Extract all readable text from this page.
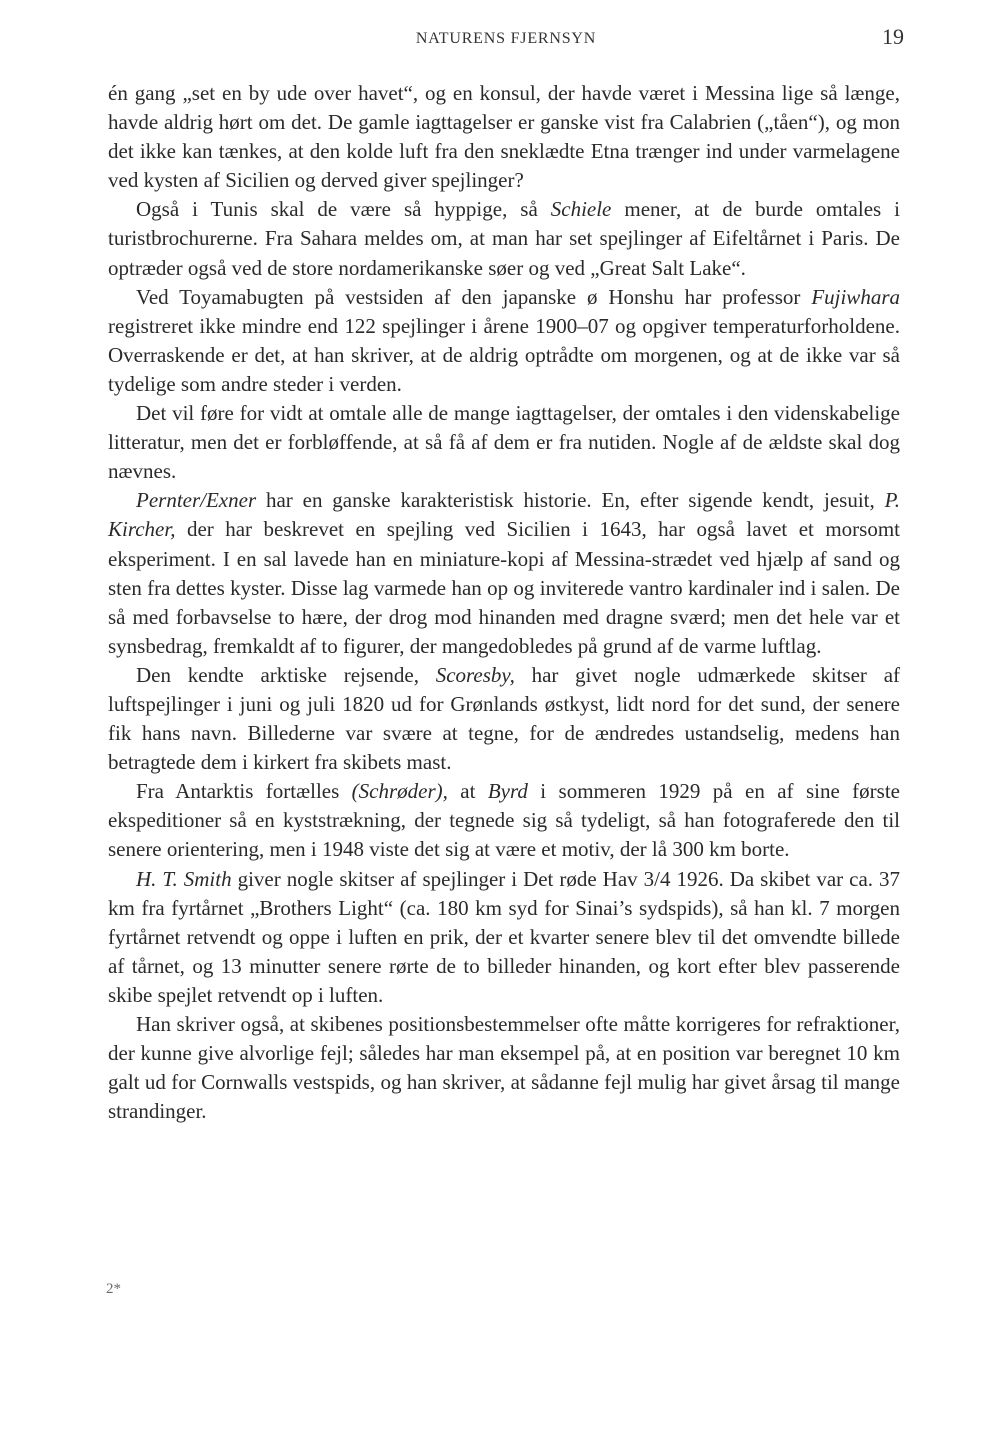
NATURENS FJERNSYN	19

én gang „set en by ude over havet“, og en konsul, der havde været i Messina lige så længe, havde aldrig hørt om det. De gamle iagttagelser er ganske vist fra Calabrien („tåen“), og mon det ikke kan tænkes, at den kolde luft fra den sneklædte Etna trænger ind under varmelagene ved kysten af Sicilien og derved giver spejlinger?

Også i Tunis skal de være så hyppige, så Schiele mener, at de burde omtales i turistbrochurerne. Fra Sahara meldes om, at man har set spejlinger af Eifeltårnet i Paris. De optræder også ved de store nordamerikanske søer og ved „Great Salt Lake“.

Ved Toyamabugten på vestsiden af den japanske ø Honshu har professor Fujiwhara registreret ikke mindre end 122 spejlinger i årene 1900–07 og opgiver temperaturforholdene. Overraskende er det, at han skriver, at de aldrig optrådte om morgenen, og at de ikke var så tydelige som andre steder i verden.

Det vil føre for vidt at omtale alle de mange iagttagelser, der omtales i den videnskabelige litteratur, men det er forbløffende, at så få af dem er fra nutiden. Nogle af de ældste skal dog nævnes.

Pernter/Exner har en ganske karakteristisk historie. En, efter sigende kendt, jesuit, P. Kircher, der har beskrevet en spejling ved Sicilien i 1643, har også lavet et morsomt eksperiment. I en sal lavede han en miniature-kopi af Messina-strædet ved hjælp af sand og sten fra dettes kyster. Disse lag varmede han op og inviterede vantro kardinaler ind i salen. De så med forbavselse to hære, der drog mod hinanden med dragne sværd; men det hele var et synsbedrag, fremkaldt af to figurer, der mangedobledes på grund af de varme luftlag.

Den kendte arktiske rejsende, Scoresby, har givet nogle udmærkede skitser af luftspejlinger i juni og juli 1820 ud for Grønlands østkyst, lidt nord for det sund, der senere fik hans navn. Billederne var svære at tegne, for de ændredes ustandselig, medens han betragtede dem i kirkert fra skibets mast.

Fra Antarktis fortælles (Schrøder), at Byrd i sommeren 1929 på en af sine første ekspeditioner så en kyststrækning, der tegnede sig så tydeligt, så han fotograferede den til senere orientering, men i 1948 viste det sig at være et motiv, der lå 300 km borte.

H. T. Smith giver nogle skitser af spejlinger i Det røde Hav 3/4 1926. Da skibet var ca. 37 km fra fyrtårnet „Brothers Light“ (ca. 180 km syd for Sinai’s sydspids), så han kl. 7 morgen fyrtårnet retvendt og oppe i luften en prik, der et kvarter senere blev til det omvendte billede af tårnet, og 13 minutter senere rørte de to billeder hinanden, og kort efter blev passerende skibe spejlet retvendt op i luften.

Han skriver også, at skibenes positionsbestemmelser ofte måtte korrigeres for refraktioner, der kunne give alvorlige fejl; således har man eksempel på, at en position var beregnet 10 km galt ud for Cornwalls vestspids, og han skriver, at sådanne fejl mulig har givet årsag til mange strandinger.

2*
